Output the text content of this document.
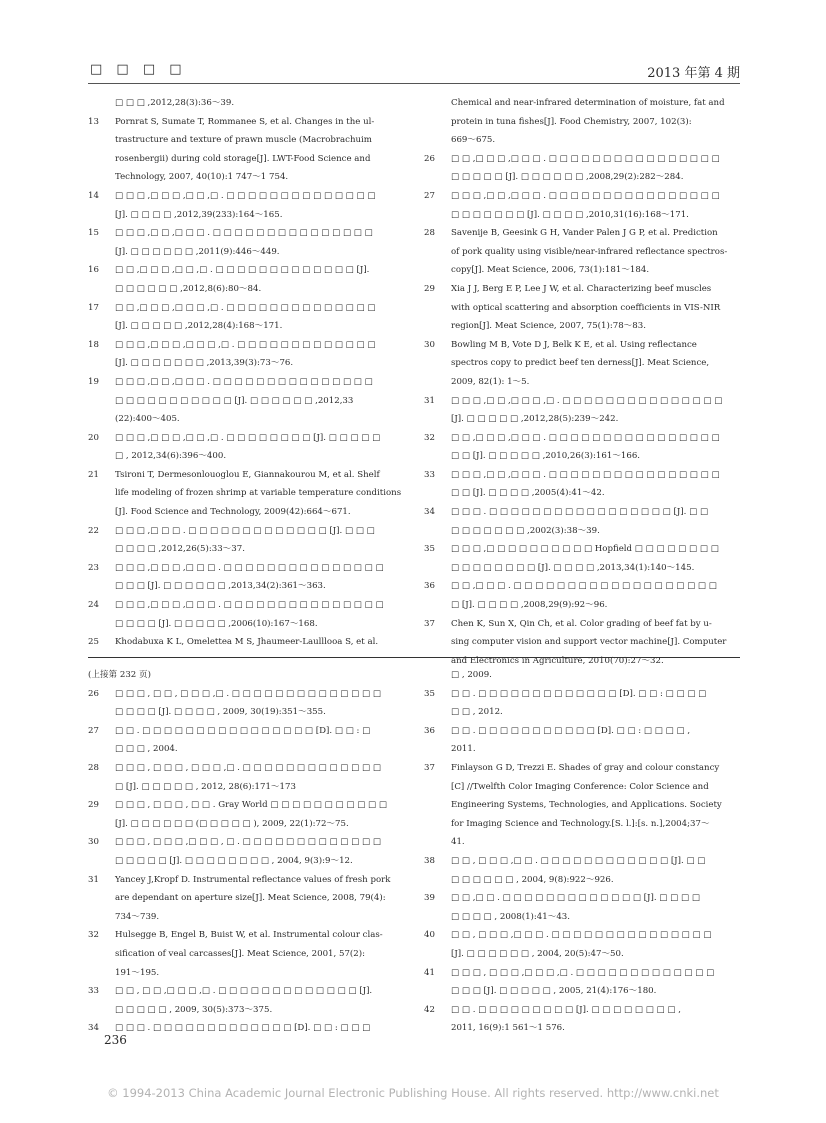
□ □ □ □	2013 年第 4 期

□ □ □ ,2012,28(3):36～39.

13	Pornrat S, Sumate T, Rommanee S, et al. Changes in the ul-
trastructure and texture of prawn muscle (Macrobrachuim
rosenbergii) during cold storage[J]. LWT-Food Science and
Technology, 2007, 40(10):1 747～1 754.

14	□ □ □ ,□ □ □ ,□ □ ,□ . □ □ □ □ □ □ □ □ □ □ □ □ □ □
[J]. □ □ □ □ ,2012,39(233):164～165.

15	□ □ □ ,□ □ ,□ □ □ . □ □ □ □ □ □ □ □ □ □ □ □ □ □ □
[J]. □ □ □ □ □ □ ,2011(9):446～449.

16	□ □ ,□ □ □ ,□ □ ,□ . □ □ □ □ □ □ □ □ □ □ □ □ □ [J].
□ □ □ □ □ □ ,2012,8(6):80～84.

17	□ □ ,□ □ □ ,□ □ □ ,□ . □ □ □ □ □ □ □ □ □ □ □ □ □ □
[J]. □ □ □ □ □ ,2012,28(4):168～171.

18	□ □ □ ,□ □ □ ,□ □ □ ,□ . □ □ □ □ □ □ □ □ □ □ □ □ □
[J]. □ □ □ □ □ □ □ ,2013,39(3):73～76.

19	□ □ □ ,□ □ ,□ □ □ . □ □ □ □ □ □ □ □ □ □ □ □ □ □ □
□ □ □ □ □ □ □ □ □ □ □ [J]. □ □ □ □ □ □ ,2012,33
(22):400～405.

20	□ □ □ ,□ □ □ ,□ □ ,□ . □ □ □ □ □ □ □ □ [J]. □ □ □ □ □
□ , 2012,34(6):396～400.

21	Tsironi T, Dermesonlouoglou E, Giannakourou M, et al. Shelf
life modeling of frozen shrimp at variable temperature conditions
[J]. Food Science and Technology, 2009(42):664～671.

22	□ □ □ ,□ □ □ . □ □ □ □ □ □ □ □ □ □ □ □ □ [J]. □ □ □
□ □ □ □ ,2012,26(5):33～37.

23	□ □ □ ,□ □ □ ,□ □ □ . □ □ □ □ □ □ □ □ □ □ □ □ □ □ □
□ □ □ [J]. □ □ □ □ □ □ ,2013,34(2):361～363.

24	□ □ □ ,□ □ □ ,□ □ □ . □ □ □ □ □ □ □ □ □ □ □ □ □ □ □
□ □ □ □ [J]. □ □ □ □ □ ,2006(10):167～168.

25	Khodabuxa K L, Omelettea M S, Jhaumeer-Laulllooa S, et al.

Chemical and near-infrared determination of moisture, fat and
protein in tuna fishes[J]. Food Chemistry, 2007, 102(3):
669～675.

26	□ □ ,□ □ □ ,□ □ □ . □ □ □ □ □ □ □ □ □ □ □ □ □ □ □ □
□ □ □ □ □ [J]. □ □ □ □ □ □ ,2008,29(2):282～284.

27	□ □ □ ,□ □ ,□ □ □ . □ □ □ □ □ □ □ □ □ □ □ □ □ □ □ □
□ □ □ □ □ □ □ [J]. □ □ □ □ ,2010,31(16):168～171.

28	Savenije B, Geesink G H, Vander Palen J G P, et al. Prediction
of pork quality using visible/near-infrared reflectance spectros-
copy[J]. Meat Science, 2006, 73(1):181～184.

29	Xia J J, Berg E P, Lee J W, et al. Characterizing beef muscles
with optical scattering and absorption coefficients in VIS-NIR
region[J]. Meat Science, 2007, 75(1):78～83.

30	Bowling M B, Vote D J, Belk K E, et al. Using reflectance
spectros copy to predict beef ten derness[J]. Meat Science,
2009, 82(1): 1～5.

31	□ □ □ ,□ □ ,□ □ □ ,□ . □ □ □ □ □ □ □ □ □ □ □ □ □ □ □
[J]. □ □ □ □ □ ,2012,28(5):239～242.

32	□ □ ,□ □ □ ,□ □ □ . □ □ □ □ □ □ □ □ □ □ □ □ □ □ □ □
□ □ [J]. □ □ □ □ □ ,2010,26(3):161～166.

33	□ □ □ ,□ □ ,□ □ □ . □ □ □ □ □ □ □ □ □ □ □ □ □ □ □ □
□ □ [J]. □ □ □ □ ,2005(4):41～42.

34	□ □ □ . □ □ □ □ □ □ □ □ □ □ □ □ □ □ □ □ □ [J]. □ □
□ □ □ □ □ □ □ ,2002(3):38～39.

35	□ □ □ ,□ □ □ □ □ □ □ □ □ □ Hopfield □ □ □ □ □ □ □ □
□ □ □ □ □ □ □ □ [J]. □ □ □ □ ,2013,34(1):140～145.

36	□ □ ,□ □ □ . □ □ □ □ □ □ □ □ □ □ □ □ □ □ □ □ □ □ □
□ [J]. □ □ □ □ ,2008,29(9):92～96.

37	Chen K, Sun X, Qin Ch, et al. Color grading of beef fat by u-
sing computer vision and support vector machine[J]. Computer
and Electronics in Agriculture, 2010(70):27～32.

(上接第 232 页)

26	□ □ □ , □ □ , □ □ □ ,□ . □ □ □ □ □ □ □ □ □ □ □ □ □ □
□ □ □ □ [J]. □ □ □ □ , 2009, 30(19):351～355.

27	□ □ . □ □ □ □ □ □ □ □ □ □ □ □ □ □ □ □ [D]. □ □ : □
□ □ □ , 2004.

28	□ □ □ , □ □ □ , □ □ □ ,□ . □ □ □ □ □ □ □ □ □ □ □ □ □
□ [J]. □ □ □ □ □ , 2012, 28(6):171～173

29	□ □ □ , □ □ □ , □ □ . Gray World □ □ □ □ □ □ □ □ □ □ □
[J]. □ □ □ □ □ □ (□ □ □ □ □ ), 2009, 22(1):72～75.

30	□ □ □ , □ □ □ ,□ □ □ , □ . □ □ □ □ □ □ □ □ □ □ □ □ □
□ □ □ □ □ [J]. □ □ □ □ □ □ □ □ , 2004, 9(3):9～12.

31	Yancey J,Kropf D. Instrumental reflectance values of fresh pork
are dependant on aperture size[J]. Meat Science, 2008, 79(4):
734～739.

32	Hulsegge B, Engel B, Buist W, et al. Instrumental colour clas-
sification of veal carcasses[J]. Meat Science, 2001, 57(2):
191～195.

33	□ □ , □ □ ,□ □ □ ,□ . □ □ □ □ □ □ □ □ □ □ □ □ □ [J].
□ □ □ □ □ , 2009, 30(5):373～375.

34	□ □ □ . □ □ □ □ □ □ □ □ □ □ □ □ □ [D]. □ □ : □ □ □

□ , 2009.

35	□ □ . □ □ □ □ □ □ □ □ □ □ □ □ □ [D]. □ □ : □ □ □ □
□ □ , 2012.

36	□ □ . □ □ □ □ □ □ □ □ □ □ □ [D]. □ □ : □ □ □ □ ,
2011.

37	Finlayson G D, Trezzi E. Shades of gray and colour constancy
[C] //Twelfth Color Imaging Conference: Color Science and
Engineering Systems, Technologies, and Applications. Society
for Imaging Science and Technology.[S. l.]:[s. n.],2004;37～
41.

38	□ □ , □ □ □ ,□ □ . □ □ □ □ □ □ □ □ □ □ □ □ [J]. □ □
□ □ □ □ □ □ , 2004, 9(8):922～926.

39	□ □ ,□ □ . □ □ □ □ □ □ □ □ □ □ □ □ □ [J]. □ □ □ □
□ □ □ □ , 2008(1):41～43.

40	□ □ , □ □ □ ,□ □ □ . □ □ □ □ □ □ □ □ □ □ □ □ □ □ □
[J]. □ □ □ □ □ □ , 2004, 20(5):47～50.

41	□ □ □ , □ □ □ ,□ □ □ ,□ . □ □ □ □ □ □ □ □ □ □ □ □ □
□ □ □ [J]. □ □ □ □ □ , 2005, 21(4):176～180.

42	□ □ . □ □ □ □ □ □ □ □ □ [J]. □ □ □ □ □ □ □ □ ,
2011, 16(9):1 561～1 576.

236
© 1994-2013 China Academic Journal Electronic Publishing House. All rights reserved. http://www.cnki.net
